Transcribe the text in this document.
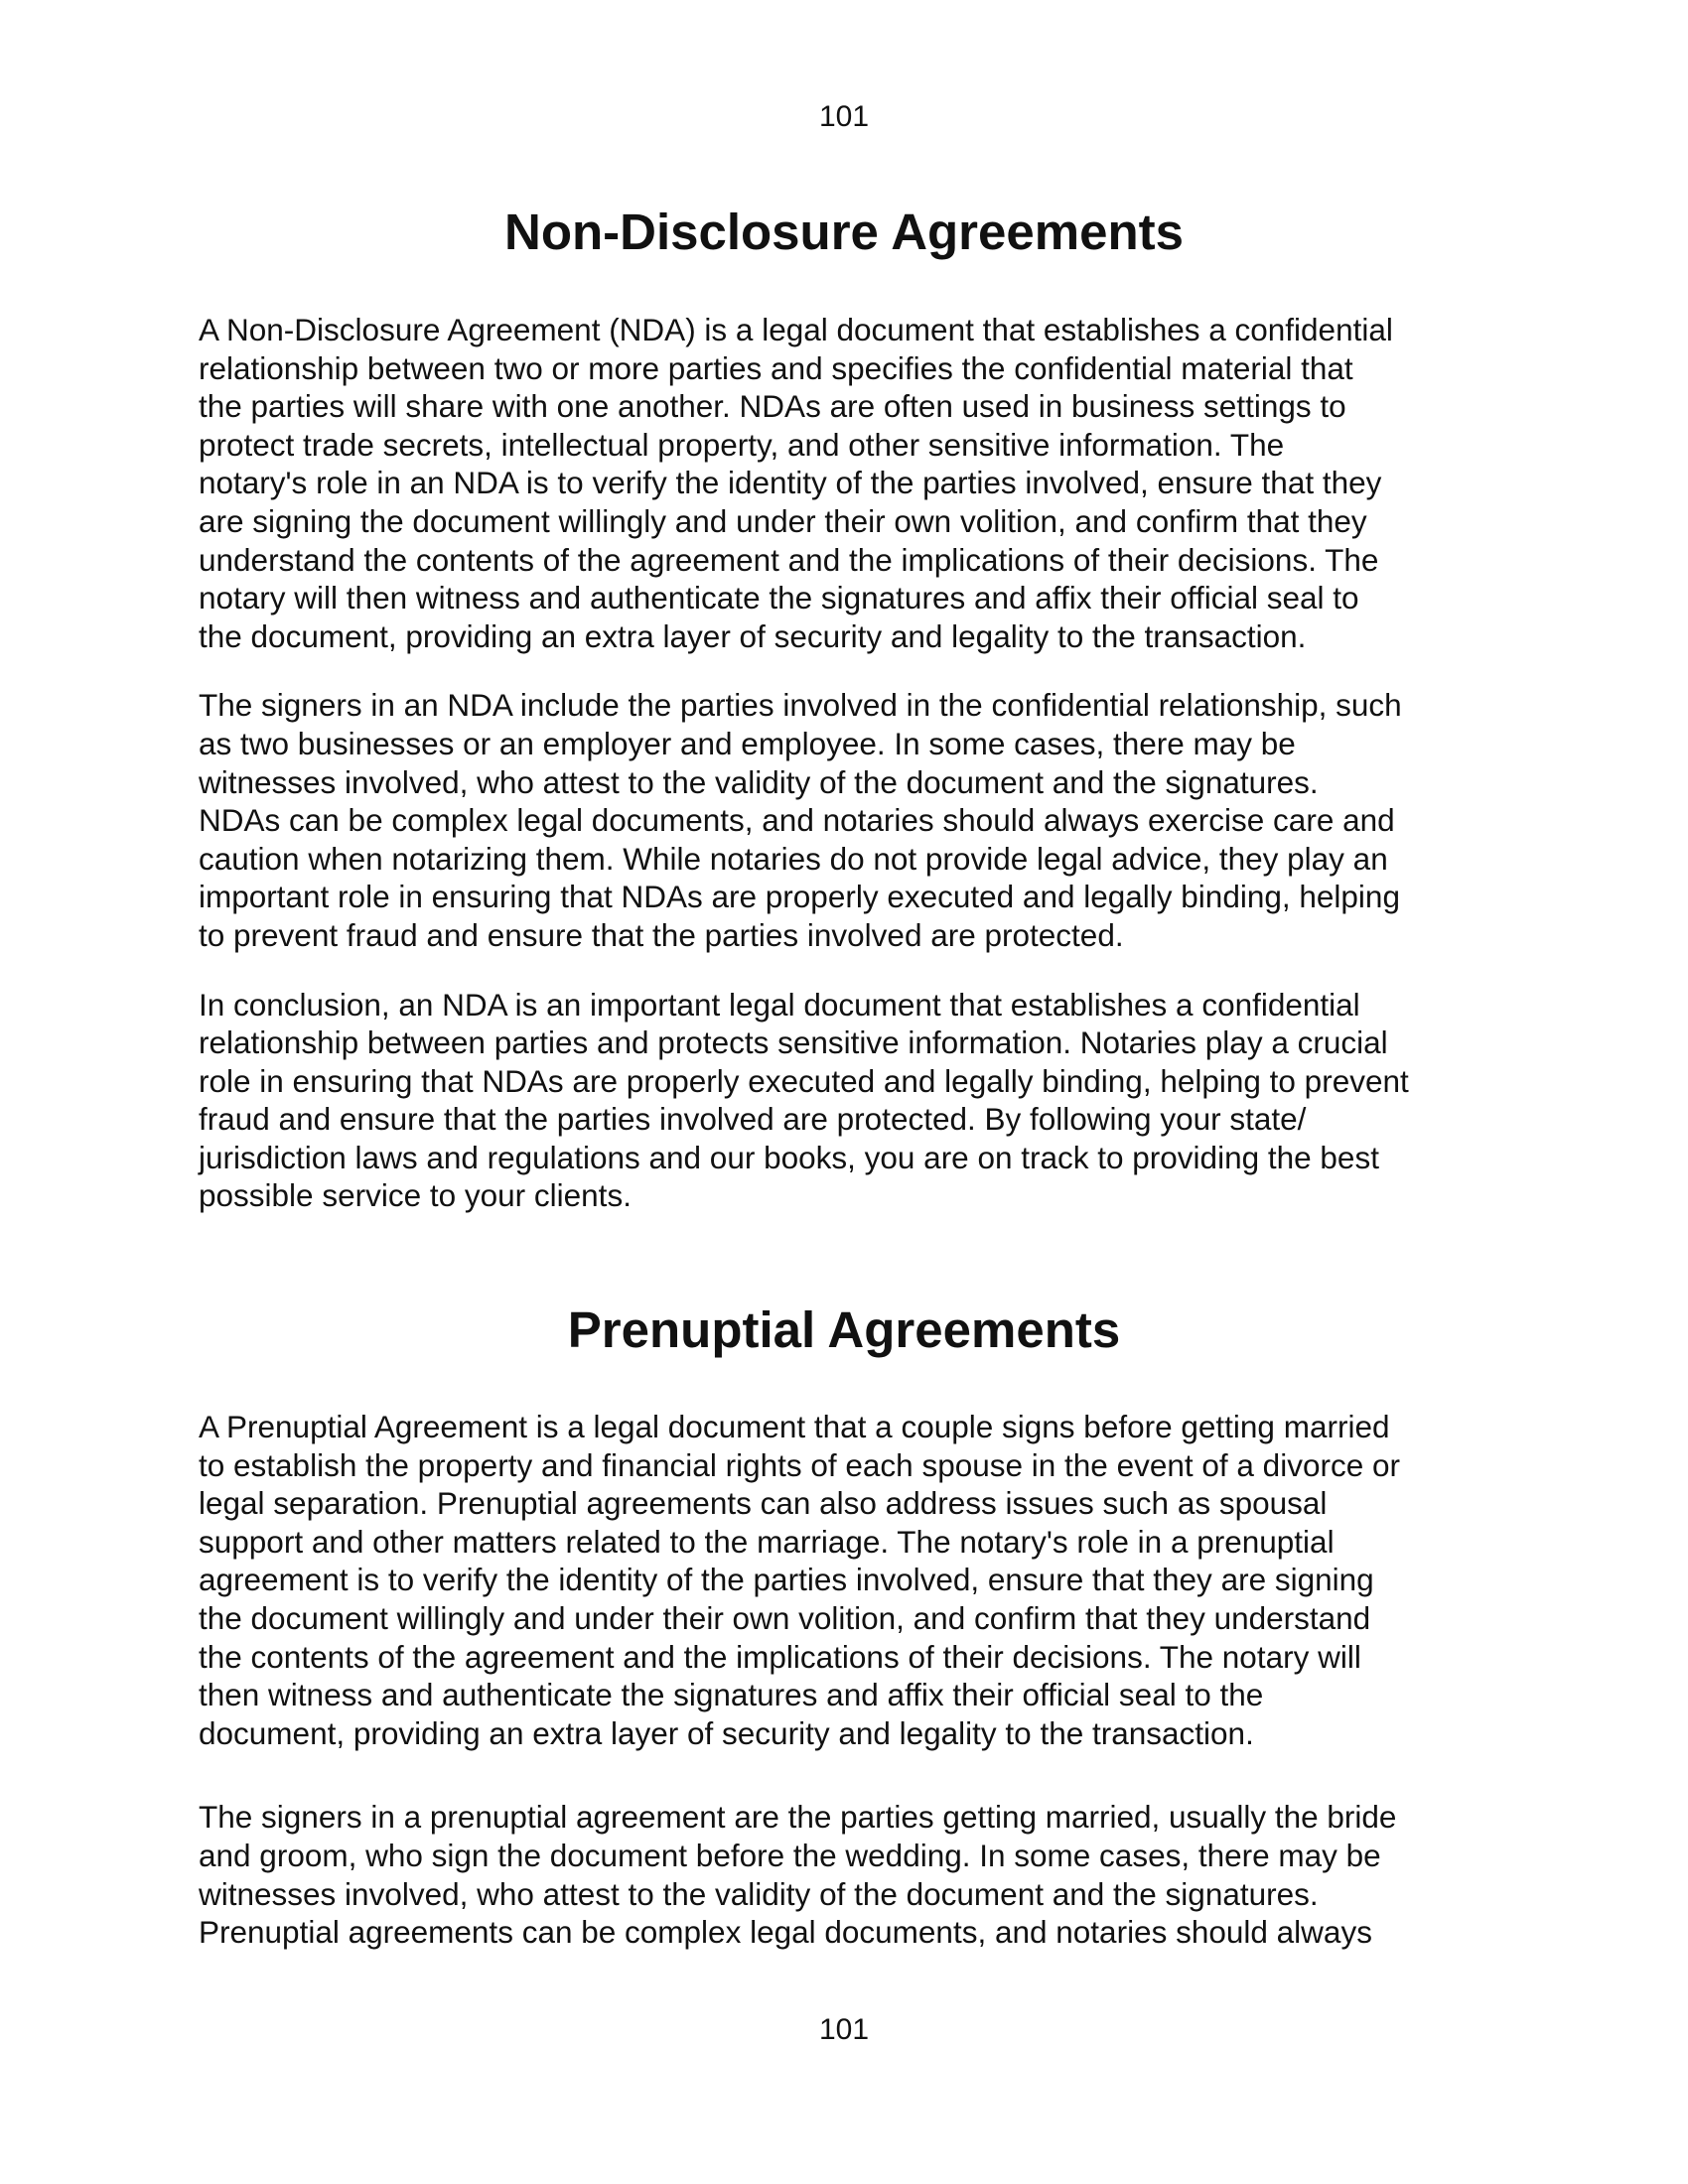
101
Non-Disclosure Agreements

A Non-Disclosure Agreement (NDA) is a legal document that establishes a confidential
relationship between two or more parties and specifies the confidential material that
the parties will share with one another. NDAs are often used in business settings to
protect trade secrets, intellectual property, and other sensitive information. The
notary's role in an NDA is to verify the identity of the parties involved, ensure that they
are signing the document willingly and under their own volition, and confirm that they
understand the contents of the agreement and the implications of their decisions. The
notary will then witness and authenticate the signatures and affix their official seal to
the document, providing an extra layer of security and legality to the transaction.

The signers in an NDA include the parties involved in the confidential relationship, such
as two businesses or an employer and employee. In some cases, there may be
witnesses involved, who attest to the validity of the document and the signatures.
NDAs can be complex legal documents, and notaries should always exercise care and
caution when notarizing them. While notaries do not provide legal advice, they play an
important role in ensuring that NDAs are properly executed and legally binding, helping
to prevent fraud and ensure that the parties involved are protected.

In conclusion, an NDA is an important legal document that establishes a confidential
relationship between parties and protects sensitive information. Notaries play a crucial
role in ensuring that NDAs are properly executed and legally binding, helping to prevent
fraud and ensure that the parties involved are protected. By following your state/
jurisdiction laws and regulations and our books, you are on track to providing the best
possible service to your clients.

Prenuptial Agreements

A Prenuptial Agreement is a legal document that a couple signs before getting married
to establish the property and financial rights of each spouse in the event of a divorce or
legal separation. Prenuptial agreements can also address issues such as spousal
support and other matters related to the marriage. The notary's role in a prenuptial
agreement is to verify the identity of the parties involved, ensure that they are signing
the document willingly and under their own volition, and confirm that they understand
the contents of the agreement and the implications of their decisions. The notary will
then witness and authenticate the signatures and affix their official seal to the
document, providing an extra layer of security and legality to the transaction.

The signers in a prenuptial agreement are the parties getting married, usually the bride
and groom, who sign the document before the wedding. In some cases, there may be
witnesses involved, who attest to the validity of the document and the signatures.
Prenuptial agreements can be complex legal documents, and notaries should always

101
